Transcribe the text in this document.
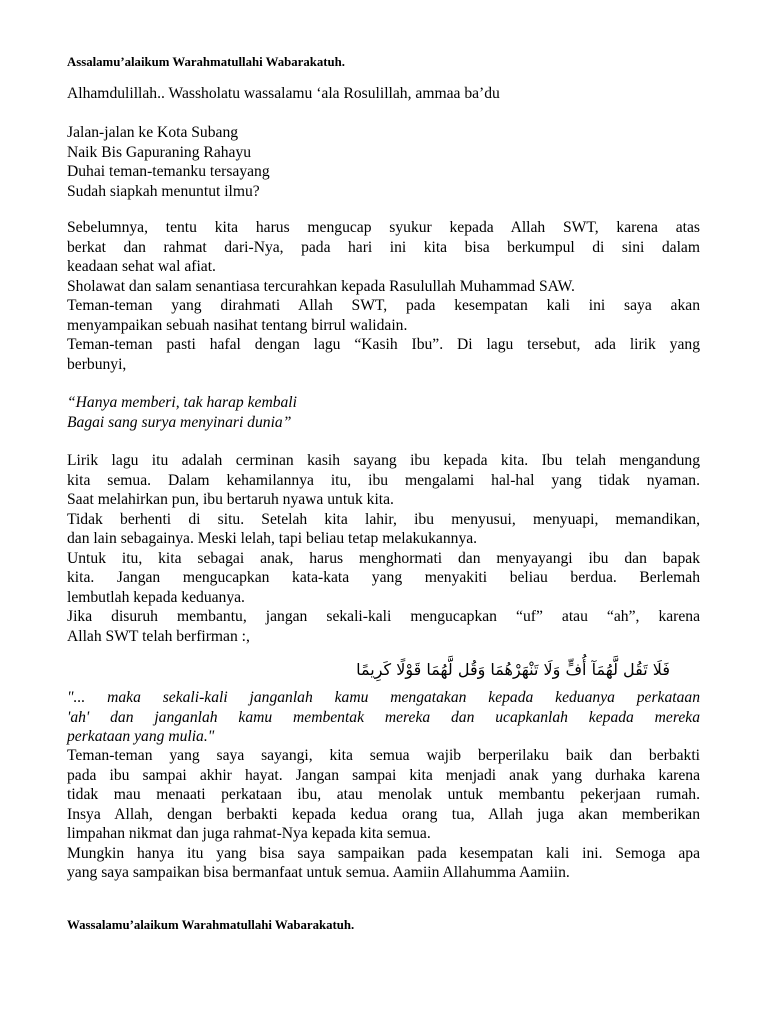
Assalamu’alaikum Warahmatullahi Wabarakatuh.
Alhamdulillah.. Wassholatu wassalamu ‘ala Rosulillah, ammaa ba’du
Jalan-jalan ke Kota Subang
Naik Bis Gapuraning Rahayu
Duhai teman-temanku tersayang
Sudah siapkah menuntut ilmu?
Sebelumnya, tentu kita harus mengucap syukur kepada Allah SWT, karena atas
berkat dan rahmat dari-Nya, pada hari ini kita bisa berkumpul di sini dalam
keadaan sehat wal afiat.
Sholawat dan salam senantiasa tercurahkan kepada Rasulullah Muhammad SAW.
Teman-teman yang dirahmati Allah SWT, pada kesempatan kali ini saya akan
menyampaikan sebuah nasihat tentang birrul walidain.
Teman-teman pasti hafal dengan lagu “Kasih Ibu”. Di lagu tersebut, ada lirik yang
berbunyi,
“Hanya memberi, tak harap kembali
Bagai sang surya menyinari dunia”
Lirik lagu itu adalah cerminan kasih sayang ibu kepada kita. Ibu telah mengandung
kita semua. Dalam kehamilannya itu, ibu mengalami hal-hal yang tidak nyaman.
Saat melahirkan pun, ibu bertaruh nyawa untuk kita.
Tidak berhenti di situ. Setelah kita lahir, ibu menyusui, menyuapi, memandikan,
dan lain sebagainya. Meski lelah, tapi beliau tetap melakukannya.
Untuk itu, kita sebagai anak, harus menghormati dan menyayangi ibu dan bapak
kita. Jangan mengucapkan kata-kata yang menyakiti beliau berdua. Berlemah
lembutlah kepada keduanya.
Jika disuruh membantu, jangan sekali-kali mengucapkan “uf” atau “ah”, karena
Allah SWT telah berfirman :,
فَلَا تَقُل لَّهُمَآ أُفٍّ وَلَا تَنْهَرْهُمَا وَقُل لَّهُمَا قَوْلًا كَرِيمًا
"... maka sekali-kali janganlah kamu mengatakan kepada keduanya perkataan
'ah' dan janganlah kamu membentak mereka dan ucapkanlah kepada mereka
perkataan yang mulia."
Teman-teman yang saya sayangi, kita semua wajib berperilaku baik dan berbakti
pada ibu sampai akhir hayat. Jangan sampai kita menjadi anak yang durhaka karena
tidak mau menaati perkataan ibu, atau menolak untuk membantu pekerjaan rumah.
Insya Allah, dengan berbakti kepada kedua orang tua, Allah juga akan memberikan
limpahan nikmat dan juga rahmat-Nya kepada kita semua.
Mungkin hanya itu yang bisa saya sampaikan pada kesempatan kali ini. Semoga apa
yang saya sampaikan bisa bermanfaat untuk semua. Aamiin Allahumma Aamiin.
Wassalamu’alaikum Warahmatullahi Wabarakatuh.
